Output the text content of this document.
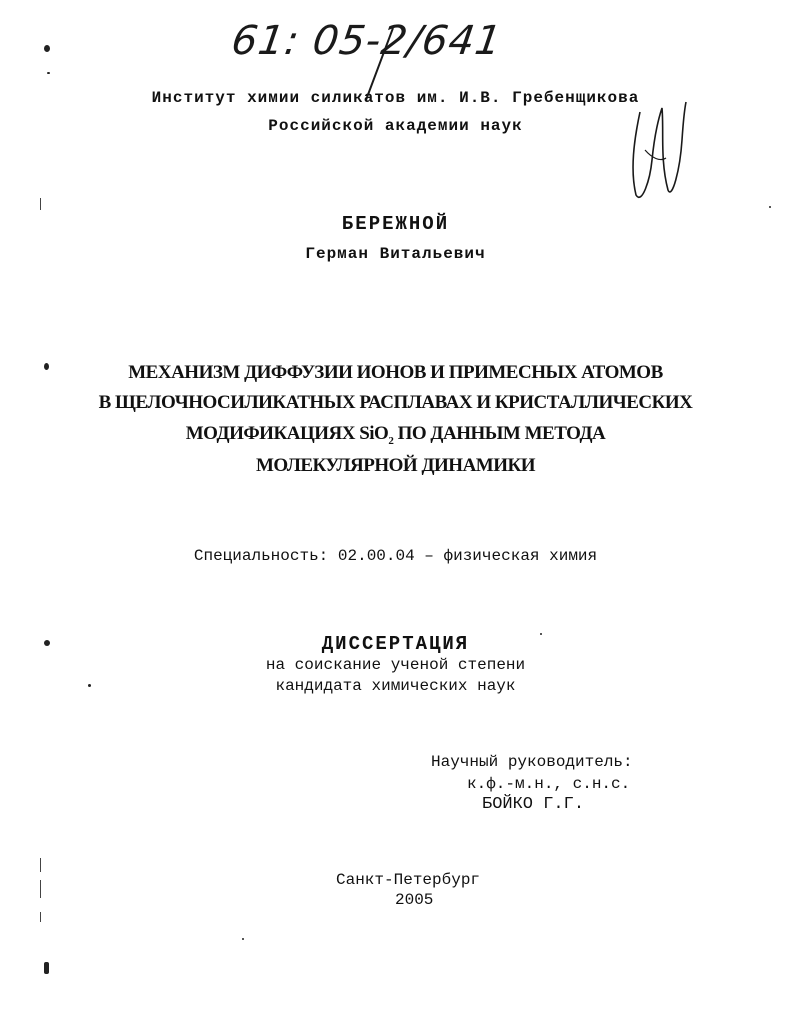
61: 05-2/641
Институт химии силикатов им. И.В. Гребенщикова
Российской академии наук
БЕРЕЖНОЙ
Герман Витальевич
МЕХАНИЗМ ДИФФУЗИИ ИОНОВ И ПРИМЕСНЫХ АТОМОВ
В ЩЕЛОЧНОСИЛИКАТНЫХ РАСПЛАВАХ И КРИСТАЛЛИЧЕСКИХ
МОДИФИКАЦИЯХ SiO$_2$ ПО ДАННЫМ МЕТОДА
МОЛЕКУЛЯРНОЙ ДИНАМИКИ
Специальность: 02.00.04 – физическая химия
ДИССЕРТАЦИЯ
на соискание ученой степени
кандидата химических наук
Научный руководитель:
к.ф.-м.н., с.н.с.
БОЙКО Г.Г.
Санкт-Петербург
2005
